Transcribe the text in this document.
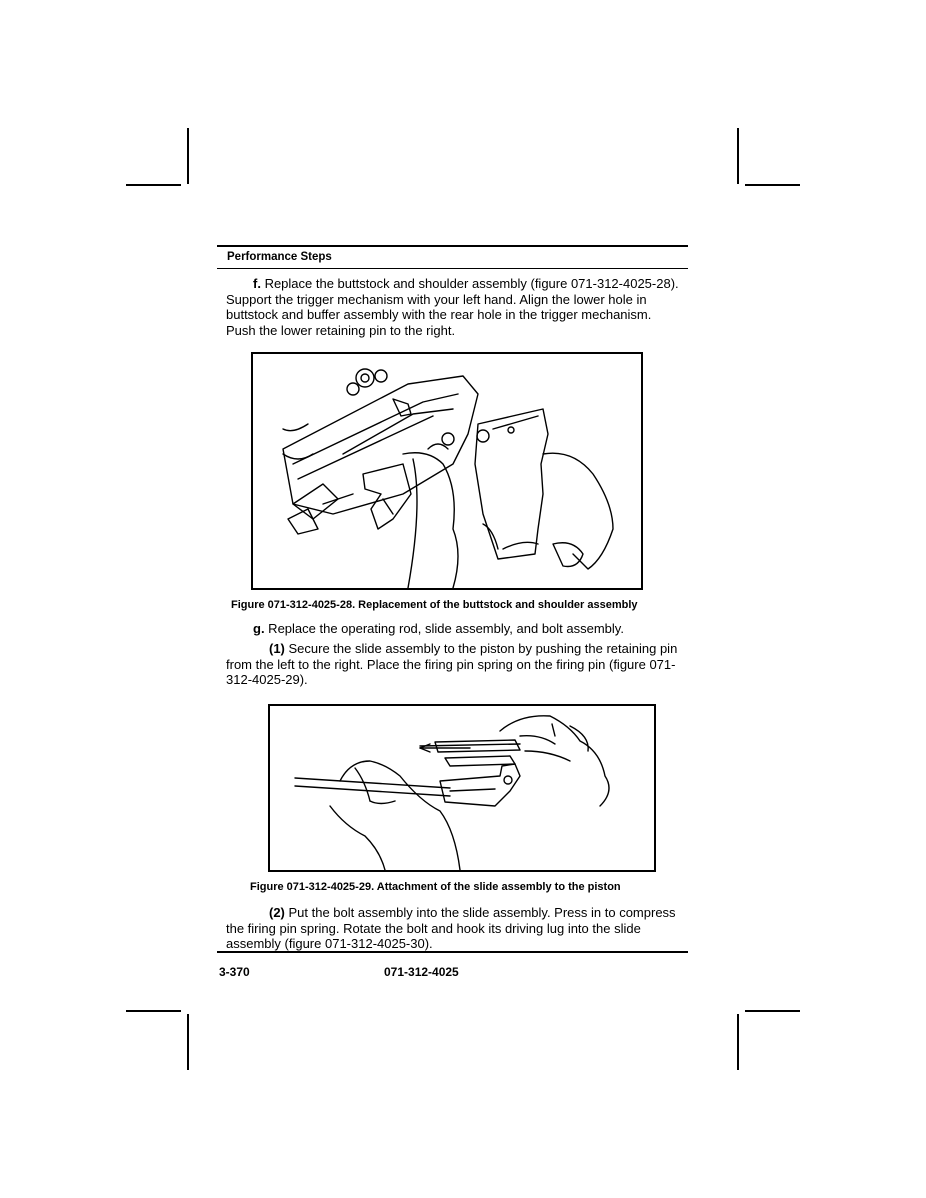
Performance Steps

f. Replace the buttstock and shoulder assembly (figure 071-312-4025-28). Support the trigger mechanism with your left hand. Align the lower hole in buttstock and buffer assembly with the rear hole in the trigger mechanism. Push the lower retaining pin to the right.

Figure 071-312-4025-28. Replacement of the buttstock and shoulder assembly

g. Replace the operating rod, slide assembly, and bolt assembly.

(1) Secure the slide assembly to the piston by pushing the retaining pin from the left to the right. Place the firing pin spring on the firing pin (figure 071-312-4025-29).

Figure 071-312-4025-29. Attachment of the slide assembly to the piston

(2) Put the bolt assembly into the slide assembly. Press in to compress the firing pin spring. Rotate the bolt and hook its driving lug into the slide assembly (figure 071-312-4025-30).

3-370	071-312-4025
